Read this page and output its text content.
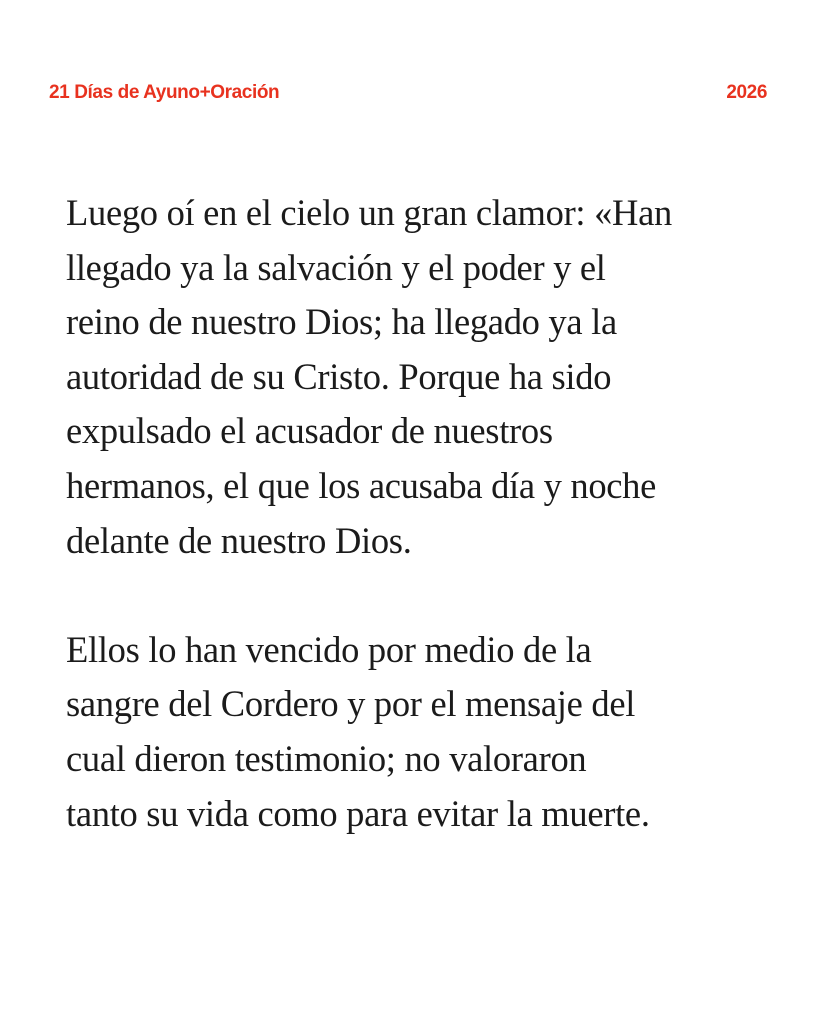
21 Días de Ayuno+Oración	2026

Luego oí en el cielo un gran clamor: «Han
llegado ya la salvación y el poder y el
reino de nuestro Dios; ha llegado ya la
autoridad de su Cristo. Porque ha sido
expulsado el acusador de nuestros
hermanos, el que los acusaba día y noche
delante de nuestro Dios.

Ellos lo han vencido por medio de la
sangre del Cordero y por el mensaje del
cual dieron testimonio; no valoraron
tanto su vida como para evitar la muerte.
